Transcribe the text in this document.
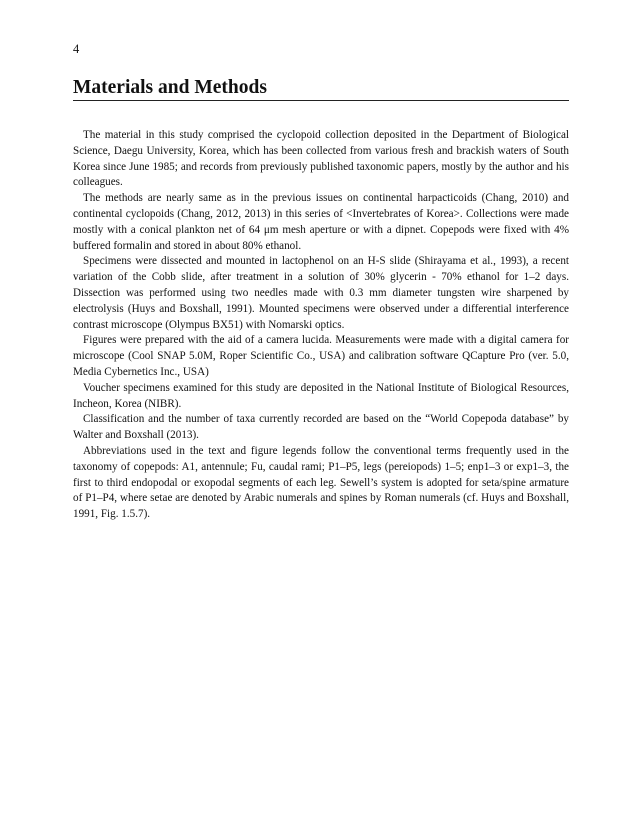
4
Materials and Methods

The material in this study comprised the cyclopoid collection deposited in the Department of Biological Science, Daegu University, Korea, which has been collected from various fresh and brackish waters of South Korea since June 1985; and records from previously published taxonomic papers, mostly by the author and his colleagues.

The methods are nearly same as in the previous issues on continental harpacticoids (Chang, 2010) and continental cyclopoids (Chang, 2012, 2013) in this series of <Invertebrates of Korea>. Collections were made mostly with a conical plankton net of 64 μm mesh aperture or with a dipnet. Copepods were fixed with 4% buffered formalin and stored in about 80% ethanol.

Specimens were dissected and mounted in lactophenol on an H-S slide (Shirayama et al., 1993), a recent variation of the Cobb slide, after treatment in a solution of 30% glycerin - 70% ethanol for 1–2 days. Dissection was performed using two needles made with 0.3 mm diameter tungsten wire sharpened by electrolysis (Huys and Boxshall, 1991). Mounted specimens were observed under a differential interference contrast microscope (Olympus BX51) with Nomarski optics.

Figures were prepared with the aid of a camera lucida. Measurements were made with a digital camera for microscope (Cool SNAP 5.0M, Roper Scientific Co., USA) and calibration software QCapture Pro (ver. 5.0, Media Cybernetics Inc., USA)

Voucher specimens examined for this study are deposited in the National Institute of Biological Resources, Incheon, Korea (NIBR).

Classification and the number of taxa currently recorded are based on the “World Copepoda database” by Walter and Boxshall (2013).

Abbreviations used in the text and figure legends follow the conventional terms frequently used in the taxonomy of copepods: A1, antennule; Fu, caudal rami; P1–P5, legs (pereiopods) 1–5; enp1–3 or exp1–3, the first to third endopodal or exopodal segments of each leg. Sewell’s system is adopted for seta/spine armature of P1–P4, where setae are denoted by Arabic numerals and spines by Roman numerals (cf. Huys and Boxshall, 1991, Fig. 1.5.7).
